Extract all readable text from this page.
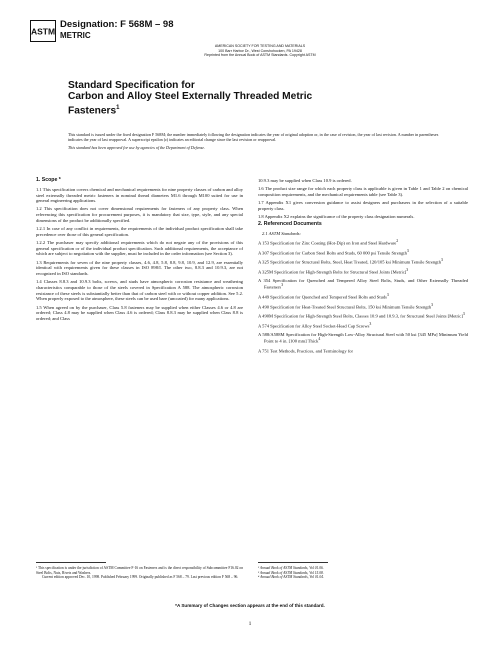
ASTM
Designation: F 568M – 98
METRIC
AMERICAN SOCIETY FOR TESTING AND MATERIALS
100 Barr Harbor Dr., West Conshohocken, PA 19428
Reprinted from the Annual Book of ASTM Standards. Copyright ASTM
Standard Specification for
Carbon and Alloy Steel Externally Threaded Metric
Fasteners$^1$
This standard is issued under the fixed designation F 568M; the number immediately following the designation indicates the year of original adoption or, in the case of revision, the year of last revision. A number in parentheses indicates the year of last reapproval. A superscript epsilon (ε) indicates an editorial change since the last revision or reapproval.
This standard has been approved for use by agencies of the Department of Defense.
1. Scope *

1.1 This specification covers chemical and mechanical requirements for nine property classes of carbon and alloy steel externally threaded metric fasteners in nominal thread diameters M1.6 through M100 suited for use in general engineering applications.

1.2 This specification does not cover dimensional requirements for fasteners of any property class. When referencing this specification for procurement purposes, it is mandatory that size, type, style, and any special dimensions of the product be additionally specified.

1.2.1 In case of any conflict in requirements, the requirements of the individual product specification shall take precedence over those of this general specification.

1.2.2 The purchaser may specify additional requirements which do not negate any of the provisions of this general specification or of the individual product specification. Such additional requirements, the acceptance of which are subject to negotiation with the supplier, must be included in the order information (see Section 3).

1.3 Requirements for seven of the nine property classes, 4.6, 4.8, 5.8, 8.8, 9.8, 10.9, and 12.9, are essentially identical with requirements given for these classes in ISO 898/I. The other two, 8.8.3 and 10.9.3, are not recognized in ISO standards.

1.4 Classes 8.8.3 and 10.9.3 bolts, screws, and studs have atmospheric corrosion resistance and weathering characteristics comparable to those of the steels covered in Specification A 588. The atmospheric corrosion resistance of these steels is substantially better than that of carbon steel with or without copper addition. See 5.2. When properly exposed to the atmosphere, these steels can be used bare (uncoated) for many applications.

1.5 When agreed on by the purchaser, Class 5.8 fasteners may be supplied when either Classes 4.6 or 4.8 are ordered; Class 4.8 may be supplied when Class 4.6 is ordered; Class 8.8.3 may be supplied when Class 8.8 is ordered; and Class

10.9.3 may be supplied when Class 10.9 is ordered.

1.6 The product size range for which each property class is applicable is given in Table 1 and Table 2 on chemical composition requirements, and the mechanical requirements table (see Table 3).

1.7 Appendix X1 gives conversion guidance to assist designers and purchasers in the selection of a suitable property class.

1.8 Appendix X2 explains the significance of the property class designation numerals.

2. Referenced Documents

2.1 ASTM Standards:

A 153 Specification for Zinc Coating (Hot-Dip) on Iron and Steel Hardware$^2$

A 307 Specification for Carbon Steel Bolts and Studs, 60 000 psi Tensile Strength$^3$

A 325 Specification for Structural Bolts, Steel, Heat Treated, 120/105 ksi Minimum Tensile Strength$^3$

A 325M Specification for High-Strength Bolts for Structural Steel Joints [Metric]$^3$

A 354 Specification for Quenched and Tempered Alloy Steel Bolts, Studs, and Other Externally Threaded Fasteners$^3$

A 449 Specification for Quenched and Tempered Steel Bolts and Studs$^3$

A 490 Specification for Heat-Treated Steel Structural Bolts, 150 ksi Minimum Tensile Strength$^3$

A 490M Specification for High-Strength Steel Bolts, Classes 10.9 and 10.9.3, for Structural Steel Joints [Metric]$^3$

A 574 Specification for Alloy Steel Socket-Head Cap Screws$^3$

A 588/A588M Specification for High-Strength Low-Alloy Structural Steel with 50 ksi [345 MPa] Minimum Yield Point to 4 in. [100 mm] Thick$^4$

A 751 Test Methods, Practices, and Terminology for

¹ This specification is under the jurisdiction of ASTM Committee F-16 on Fasteners and is the direct responsibility of Subcommittee F16.02 on Steel Bolts, Nuts, Rivets and Washers.
Current edition approved Dec. 10, 1998. Published February 1999. Originally published as F 568 – 79. Last previous edition F 568 – 96.
² Annual Book of ASTM Standards, Vol 01.06.
³ Annual Book of ASTM Standards, Vol 15.08.
⁴ Annual Book of ASTM Standards, Vol 01.04.
*A Summary of Changes section appears at the end of this standard.
1
